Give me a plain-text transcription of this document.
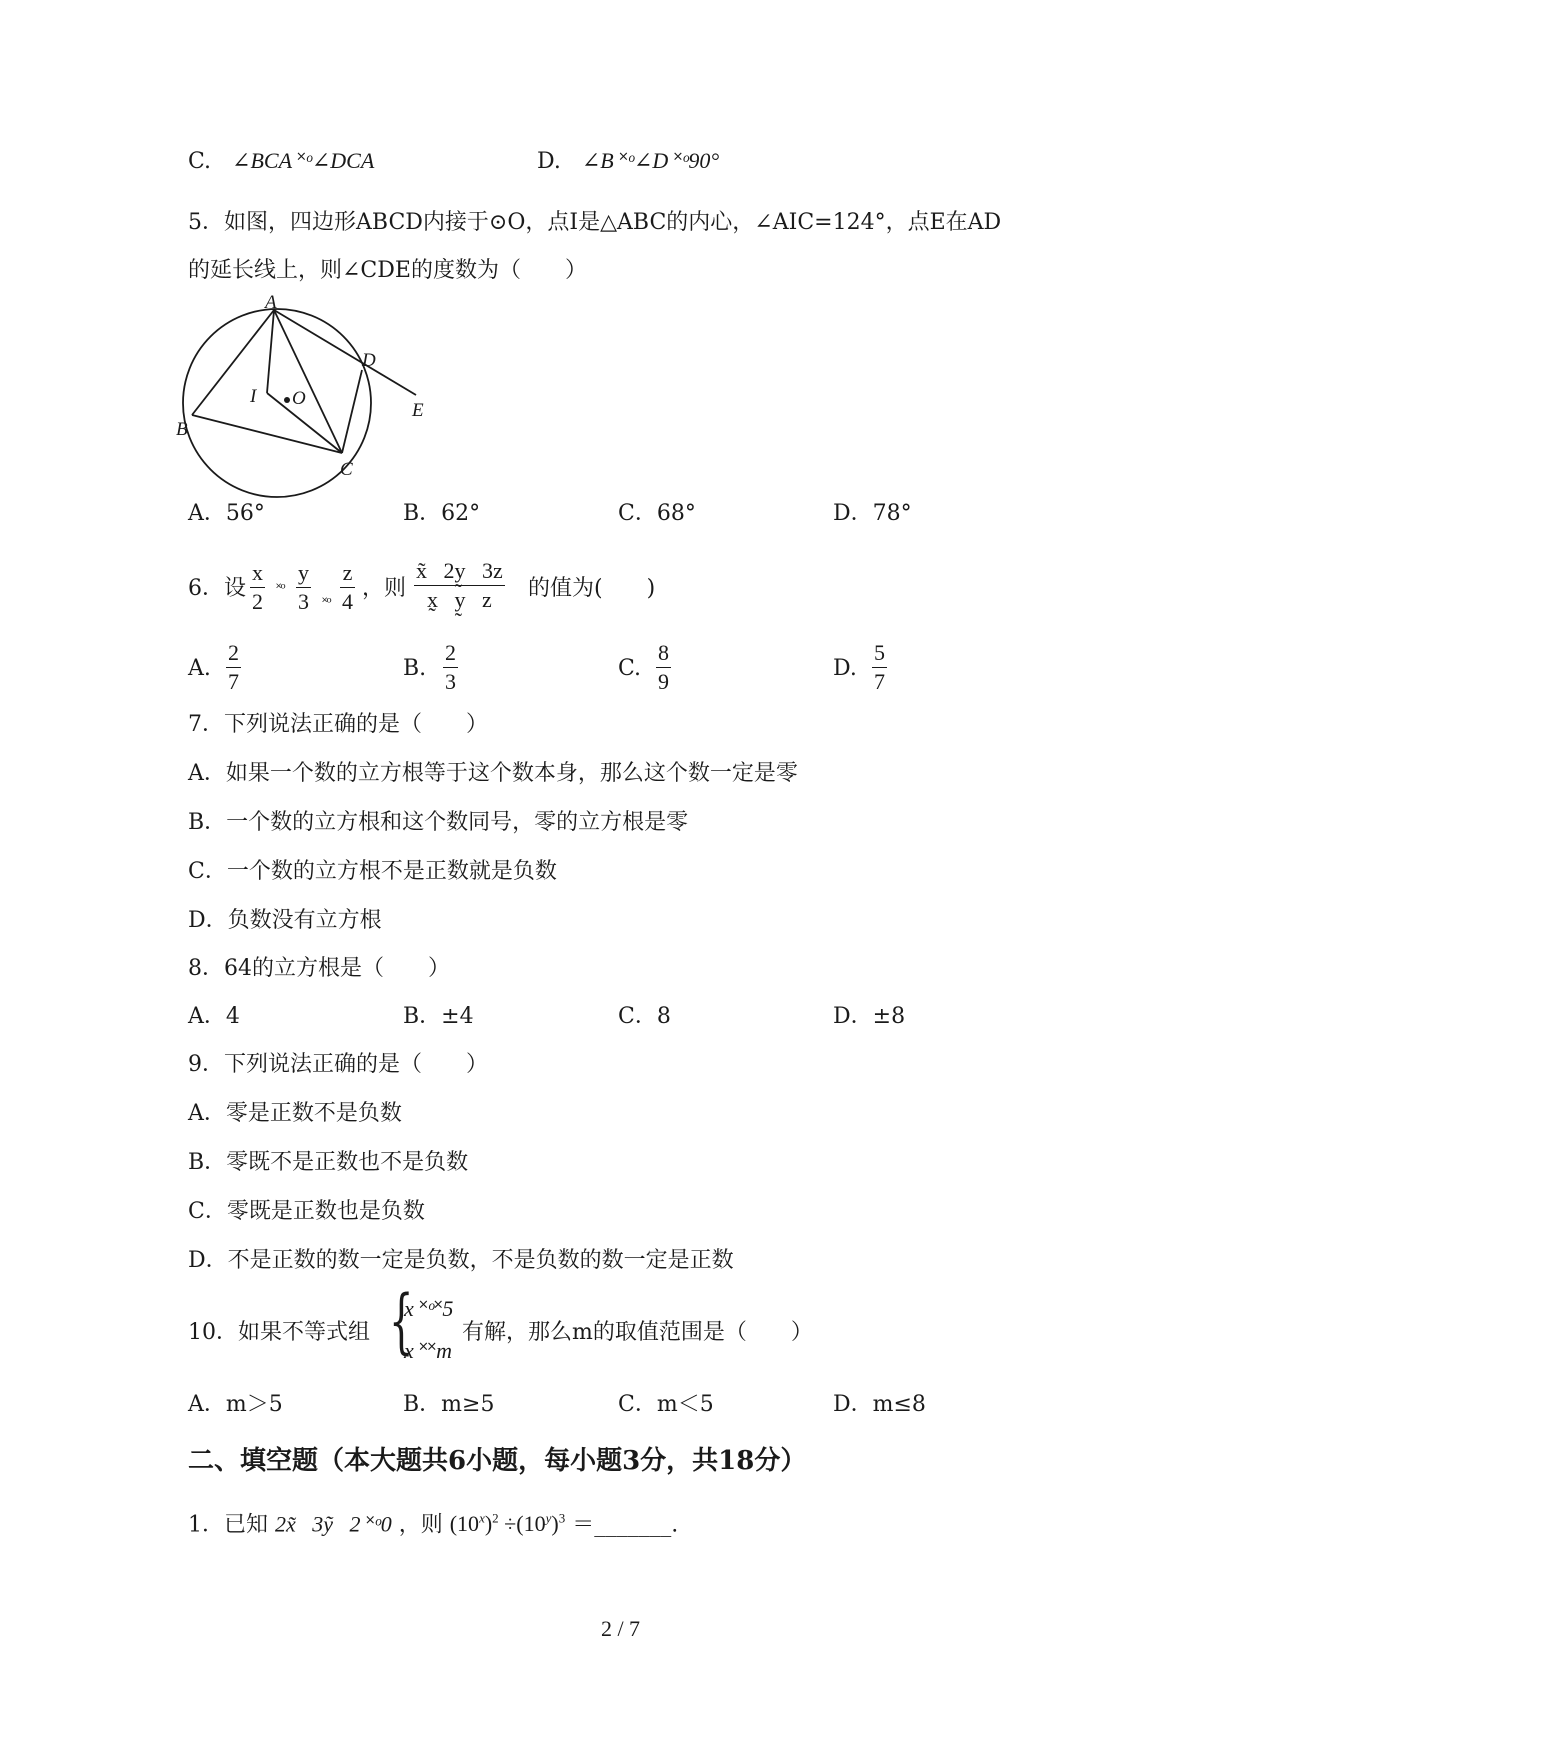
C. ∠BCA ˟ᵒ∠DCA	D. ∠B ˟ᵒ∠D ˟ᵒ90°
5．如图，四边形ABCD内接于⊙O，点I是△ABC的内心，∠AIC=124°，点E在AD
的延长线上，则∠CDE的度数为（　　）
A
B
C
D
E
I O
A．56°	B．62°	C．68°	D．78°
6．设
x
2 ˟ᵒ
y
3 ˟ᵒ
z
4
，则
x̃   2y̰   3z
x̰   y̰   z	的值为(　　)
A.
2
7
B.
2
3
C.
8
9
D.
5
7
7．下列说法正确的是（　　）
A．如果一个数的立方根等于这个数本身，那么这个数一定是零
B．一个数的立方根和这个数同号，零的立方根是零
C．一个数的立方根不是正数就是负数
D．负数没有立方根
8．64的立方根是（　　）
A．4	B．±4	C．8	D．±8
9．下列说法正确的是（　　）
A．零是正数不是负数
B．零既不是正数也不是负数
C．零既是正数也是负数
D．不是正数的数一定是负数，不是负数的数一定是正数
10．如果不等式组 {
x ˟ᵒ˟5
x ˟˟m
有解，那么m的取值范围是（　　）
A．m＞5	B．m≥5	C．m＜5	D．m≤8
二、填空题（本大题共6小题，每小题3分，共18分）
1．已知 2x̃   3ỹ   2 ˟ᵒ0 ，则 $(10^x)^2 \div(10^y)^3$ ＝_______.
2 / 7
